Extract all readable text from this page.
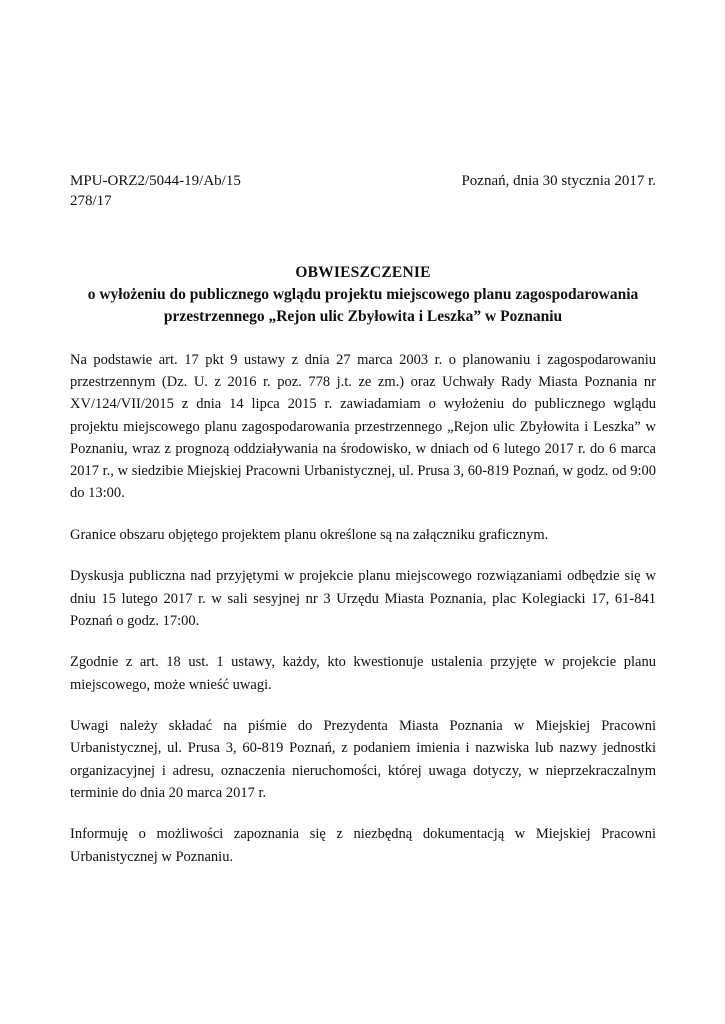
MPU-ORZ2/5044-19/Ab/15	Poznań, dnia 30 stycznia 2017 r.
278/17
OBWIESZCZENIE
o wyłożeniu do publicznego wglądu projektu miejscowego planu zagospodarowania
przestrzennego „Rejon ulic Zbyłowita i Leszka” w Poznaniu

Na podstawie art. 17 pkt 9 ustawy z dnia 27 marca 2003 r. o planowaniu i zagospodarowaniu przestrzennym (Dz. U. z 2016 r. poz. 778 j.t. ze zm.) oraz Uchwały Rady Miasta Poznania nr XV/124/VII/2015 z dnia 14 lipca 2015 r. zawiadamiam o wyłożeniu do publicznego wglądu projektu miejscowego planu zagospodarowania przestrzennego „Rejon ulic Zbyłowita i Leszka” w Poznaniu, wraz z prognozą oddziaływania na środowisko, w dniach od 6 lutego 2017 r. do 6 marca 2017 r., w siedzibie Miejskiej Pracowni Urbanistycznej, ul. Prusa 3, 60-819 Poznań, w godz. od 9:00 do 13:00.

Granice obszaru objętego projektem planu określone są na załączniku graficznym.

Dyskusja publiczna nad przyjętymi w projekcie planu miejscowego rozwiązaniami odbędzie się w dniu 15 lutego 2017 r. w sali sesyjnej nr 3 Urzędu Miasta Poznania, plac Kolegiacki 17, 61-841 Poznań o godz. 17:00.

Zgodnie z art. 18 ust. 1 ustawy, każdy, kto kwestionuje ustalenia przyjęte w projekcie planu miejscowego, może wnieść uwagi.

Uwagi należy składać na piśmie do Prezydenta Miasta Poznania w Miejskiej Pracowni Urbanistycznej, ul. Prusa 3, 60-819 Poznań, z podaniem imienia i nazwiska lub nazwy jednostki organizacyjnej i adresu, oznaczenia nieruchomości, której uwaga dotyczy, w nieprzekraczalnym terminie do dnia 20 marca 2017 r.

Informuję o możliwości zapoznania się z niezbędną dokumentacją w Miejskiej Pracowni Urbanistycznej w Poznaniu.
